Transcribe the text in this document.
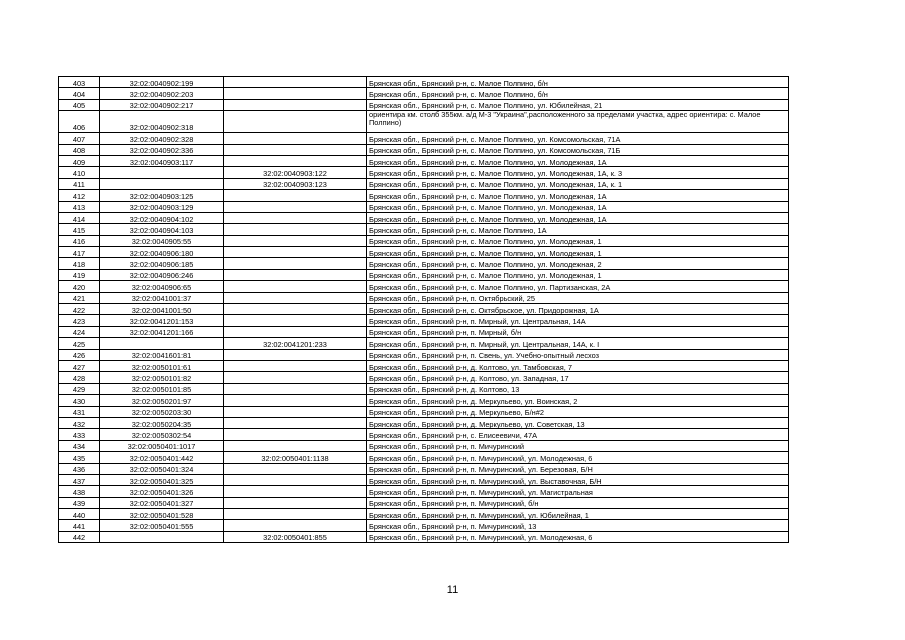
403	32:02:0040902:199		Брянская обл., Брянский р-н, с. Малое Полпино, б/н
404	32:02:0040902:203		Брянская обл., Брянский р-н, с. Малое Полпино, б/н
405	32:02:0040902:217		Брянская обл., Брянский р-н, с. Малое Полпино, ул. Юбилейная, 21
406	32:02:0040902:318		ориентира км. столб 355км. а/д М-3 "Украина",расположенного за пределами участка, адрес ориентира: с. Малое Полпино)
407	32:02:0040902:328		Брянская обл., Брянский р-н, с. Малое Полпино, ул. Комсомольская, 71А
408	32:02:0040902:336		Брянская обл., Брянский р-н, с. Малое Полпино, ул. Комсомольская, 71Б
409	32:02:0040903:117		Брянская обл., Брянский р-н, с. Малое Полпино, ул. Молодежная, 1А
410		32:02:0040903:122	Брянская обл., Брянский р-н, с. Малое Полпино, ул. Молодежная, 1А, к. 3
411		32:02:0040903:123	Брянская обл., Брянский р-н, с. Малое Полпино, ул. Молодежная, 1А, к. 1
412	32:02:0040903:125		Брянская обл., Брянский р-н, с. Малое Полпино, ул. Молодежная, 1А
413	32:02:0040903:129		Брянская обл., Брянский р-н, с. Малое Полпино, ул. Молодежная, 1А
414	32:02:0040904:102		Брянская обл., Брянский р-н, с. Малое Полпино, ул. Молодежная, 1А
415	32:02:0040904:103		Брянская обл., Брянский р-н, с. Малое Полпино, 1А
416	32:02:0040905:55		Брянская обл., Брянский р-н, с. Малое Полпино, ул. Молодежная, 1
417	32:02:0040906:180		Брянская обл., Брянский р-н, с. Малое Полпино, ул. Молодежная, 1
418	32:02:0040906:185		Брянская обл., Брянский р-н, с. Малое Полпино, ул. Молодежная, 2
419	32:02:0040906:246		Брянская обл., Брянский р-н, с. Малое Полпино, ул. Молодежная, 1
420	32:02:0040906:65		Брянская обл., Брянский р-н, с. Малое Полпино, ул. Партизанская, 2А
421	32:02:0041001:37		Брянская обл., Брянский р-н, п. Октябрьский, 25
422	32:02:0041001:50		Брянская обл., Брянский р-н, с. Октябрьское, ул. Придорожная, 1А
423	32:02:0041201:153		Брянская обл., Брянский р-н, п. Мирный, ул. Центральная, 14А
424	32:02:0041201:166		Брянская обл., Брянский р-н, п. Мирный, б/н
425		32:02:0041201:233	Брянская обл., Брянский р-н, п. Мирный, ул. Центральная, 14А, к. I
426	32:02:0041601:81		Брянская обл., Брянский р-н, п. Свень, ул. Учебно-опытный лесхоз
427	32:02:0050101:61		Брянская обл., Брянский р-н, д. Колтово, ул. Тамбовская, 7
428	32:02:0050101:82		Брянская обл., Брянский р-н, д. Колтово, ул. Западная, 17
429	32:02:0050101:85		Брянская обл., Брянский р-н, д. Колтово, 13
430	32:02:0050201:97		Брянская обл., Брянский р-н, д. Меркульево, ул. Воинская, 2
431	32:02:0050203:30		Брянская обл., Брянский р-н, д. Меркульево, Б/н#2
432	32:02:0050204:35		Брянская обл., Брянский р-н, д. Меркульево, ул. Советская, 13
433	32:02:0050302:54		Брянская обл., Брянский р-н, с. Елисеевичи, 47А
434	32:02:0050401:1017		Брянская обл., Брянский р-н, п. Мичуринский
435	32:02:0050401:442	32:02:0050401:1138	Брянская обл., Брянский р-н, п. Мичуринский, ул. Молодежная, 6
436	32:02:0050401:324		Брянская обл., Брянский р-н, п. Мичуринский, ул. Березовая, Б/Н
437	32:02:0050401:325		Брянская обл., Брянский р-н, п. Мичуринский, ул. Выставочная, Б/Н
438	32:02:0050401:326		Брянская обл., Брянский р-н, п. Мичуринский, ул. Магистральная
439	32:02:0050401:327		Брянская обл., Брянский р-н, п. Мичуринский, б/н
440	32:02:0050401:528		Брянская обл., Брянский р-н, п. Мичуринский, ул. Юбилейная, 1
441	32:02:0050401:555		Брянская обл., Брянский р-н, п. Мичуринский, 13
442		32:02:0050401:855	Брянская обл., Брянский р-н, п. Мичуринский, ул. Молодежная, 6
11
